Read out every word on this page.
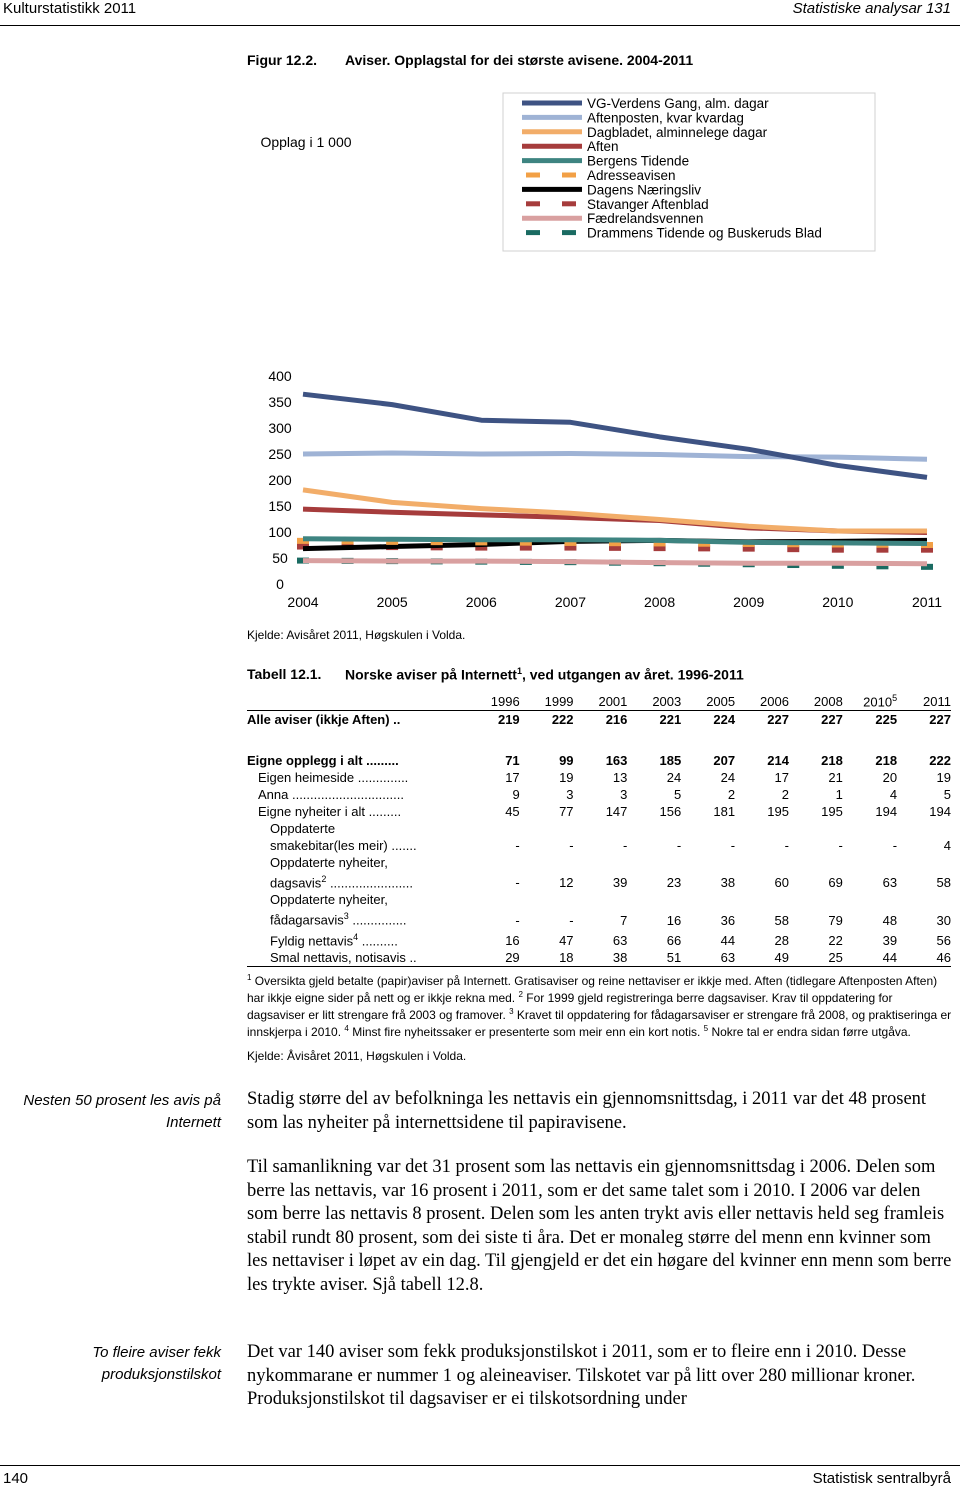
Kulturstatistikk 2011	Statistiske analysar 131
Figur 12.2. Aviser. Opplagstal for dei største avisene. 2004-2011
0
50
100
150
200
250
300
350
400
Opplag i 1 000
2004	2005	2006	2007	2008	2009	2010	2011
VG-Verdens Gang, alm. dagar
Aftenposten, kvar kvardag
Dagbladet, alminnelege dagar
Aften
Bergens Tidende
Adresseavisen
Dagens Næringsliv
Stavanger Aftenblad
Fædrelandsvennen
Drammens Tidende og Buskeruds Blad
Kjelde: Avisåret 2011, Høgskulen i Volda.
Tabell 12.1. Norske aviser på Internett$^1$, ved utgangen av året. 1996-2011
	1996	1999	2001	2003	2005	2006	2008	2010$^5$	2011
Alle aviser (ikkje Aften) ..	219	222	216	221	224	227	227	225	227

Eigne opplegg i alt .........	71	99	163	185	207	214	218	218	222
Eigen heimeside ..............	17	19	13	24	24	17	21	20	19
Anna ...............................	9	3	3	5	2	2	1	4	5
Eigne nyheiter i alt .........	45	77	147	156	181	195	195	194	194
Oppdaterte									
smakebitar(les meir) .......	-	-	-	-	-	-	-	-	4
Oppdaterte nyheiter,									
dagsavis$^2$ .......................	-	12	39	23	38	60	69	63	58
Oppdaterte nyheiter,									
fådagarsavis$^3$ ...............	-	-	7	16	36	58	79	48	30
Fyldig nettavis$^4$ ..........	16	47	63	66	44	28	22	39	56
Smal nettavis, notisavis ..	29	18	38	51	63	49	25	44	46
$^1$ Oversikta gjeld betalte (papir)aviser på Internett. Gratisaviser og reine nettaviser er ikkje med. Aften (tidlegare Aftenposten Aften) har ikkje eigne sider på nett og er ikkje rekna med. $^2$ For 1999 gjeld registreringa berre dagsaviser. Krav til oppdatering for dagsaviser er litt strengare frå 2003 og framover. $^3$ Kravet til oppdatering for fådagarsaviser er strengare frå 2008, og praktiseringa er innskjerpa i 2010. $^4$ Minst fire nyheitssaker er presenterte som meir enn ein kort notis. $^5$ Nokre tal er endra sidan førre utgåva.
Kjelde: Åvisåret 2011, Høgskulen i Volda.
Nesten 50 prosent les avis på Internett
To fleire aviser fekk produksjonstilskot
Stadig større del av befolkninga les nettavis ein gjennomsnittsdag, i 2011 var det 48 prosent som las nyheiter på internettsidene til papiravisene.
Til samanlikning var det 31 prosent som las nettavis ein gjennomsnittsdag i 2006. Delen som berre las nettavis, var 16 prosent i 2011, som er det same talet som i 2010. I 2006 var delen som berre las nettavis 8 prosent. Delen som les anten trykt avis eller nettavis held seg framleis stabil rundt 80 prosent, som dei siste ti åra. Det er monaleg større del menn enn kvinner som les nettaviser i løpet av ein dag. Til gjengjeld er det ein høgare del kvinner enn menn som berre les trykte aviser. Sjå tabell 12.8.
Det var 140 aviser som fekk produksjonstilskot i 2011, som er to fleire enn i 2010. Desse nykommarane er nummer 1 og aleineaviser. Tilskotet var på litt over 280 millionar kroner. Produksjonstilskot til dagsaviser er ei tilskotsordning under
140	Statistisk sentralbyrå
